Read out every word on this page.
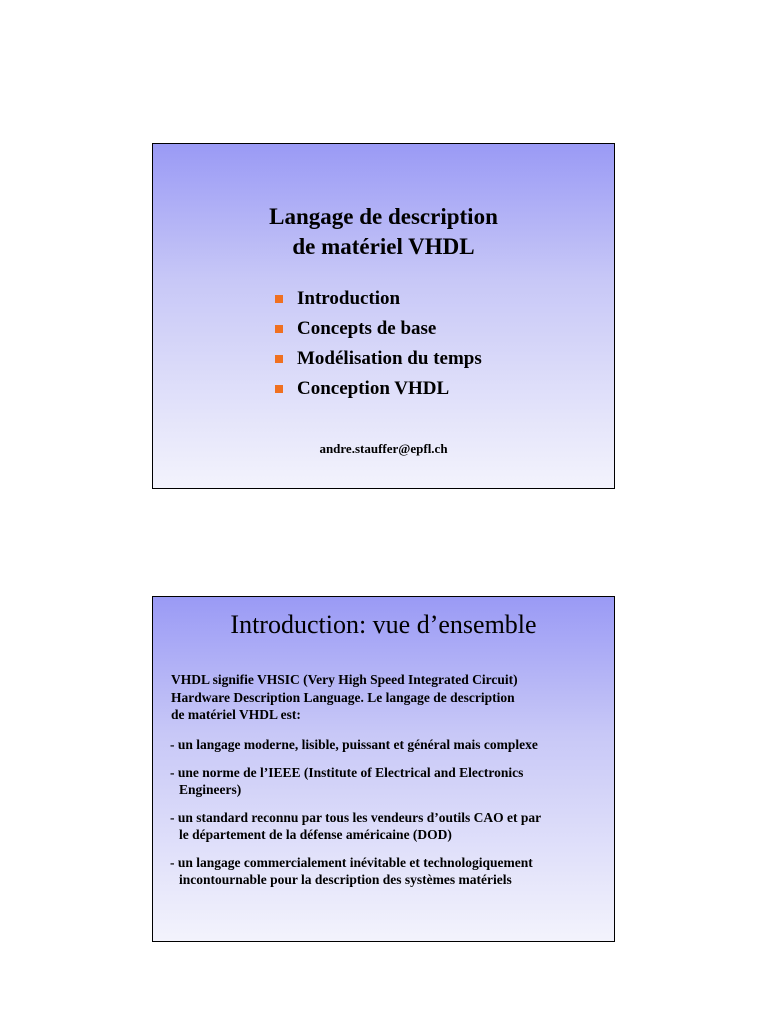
Langage de description
de matériel VHDL
Introduction
Concepts de base
Modélisation du temps
Conception VHDL
andre.stauffer@epfl.ch
Introduction: vue d’ensemble
VHDL signifie VHSIC (Very High Speed Integrated Circuit)
Hardware Description Language. Le langage de description
de matériel VHDL est:
- un langage moderne, lisible, puissant et général mais complexe
- une norme de l’IEEE (Institute of Electrical and Electronics
Engineers)
- un standard reconnu par tous les vendeurs d’outils CAO et par
le département de la défense américaine (DOD)
- un langage commercialement inévitable et technologiquement
incontournable pour la description des systèmes matériels
